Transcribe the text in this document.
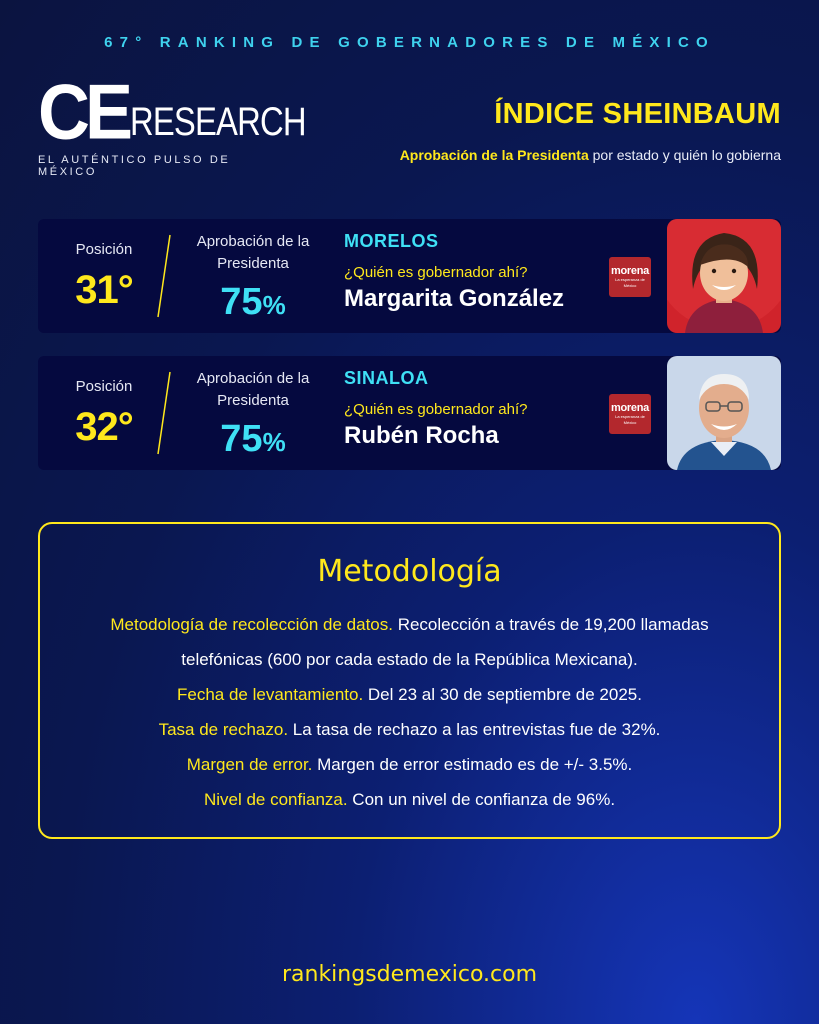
67° RANKING DE GOBERNADORES DE MÉXICO
CE RESEARCH
EL AUTÉNTICO PULSO DE MÉXICO
ÍNDICE SHEINBAUM
Aprobación de la Presidenta por estado y quién lo gobierna
Posición
31°
Aprobación de la Presidenta
75%
MORELOS
¿Quién es gobernador ahí?
Margarita González
morena
La esperanza de México
Posición
32°
Aprobación de la Presidenta
75%
SINALOA
¿Quién es gobernador ahí?
Rubén Rocha
morena
La esperanza de México
Metodología
Metodología de recolección de datos. Recolección a través de 19,200 llamadas
telefónicas (600 por cada estado de la República Mexicana).
Fecha de levantamiento. Del 23 al 30 de septiembre de 2025.
Tasa de rechazo. La tasa de rechazo a las entrevistas fue de 32%.
Margen de error. Margen de error estimado es de +/- 3.5%.
Nivel de confianza. Con un nivel de confianza de 96%.
rankingsdemexico.com
